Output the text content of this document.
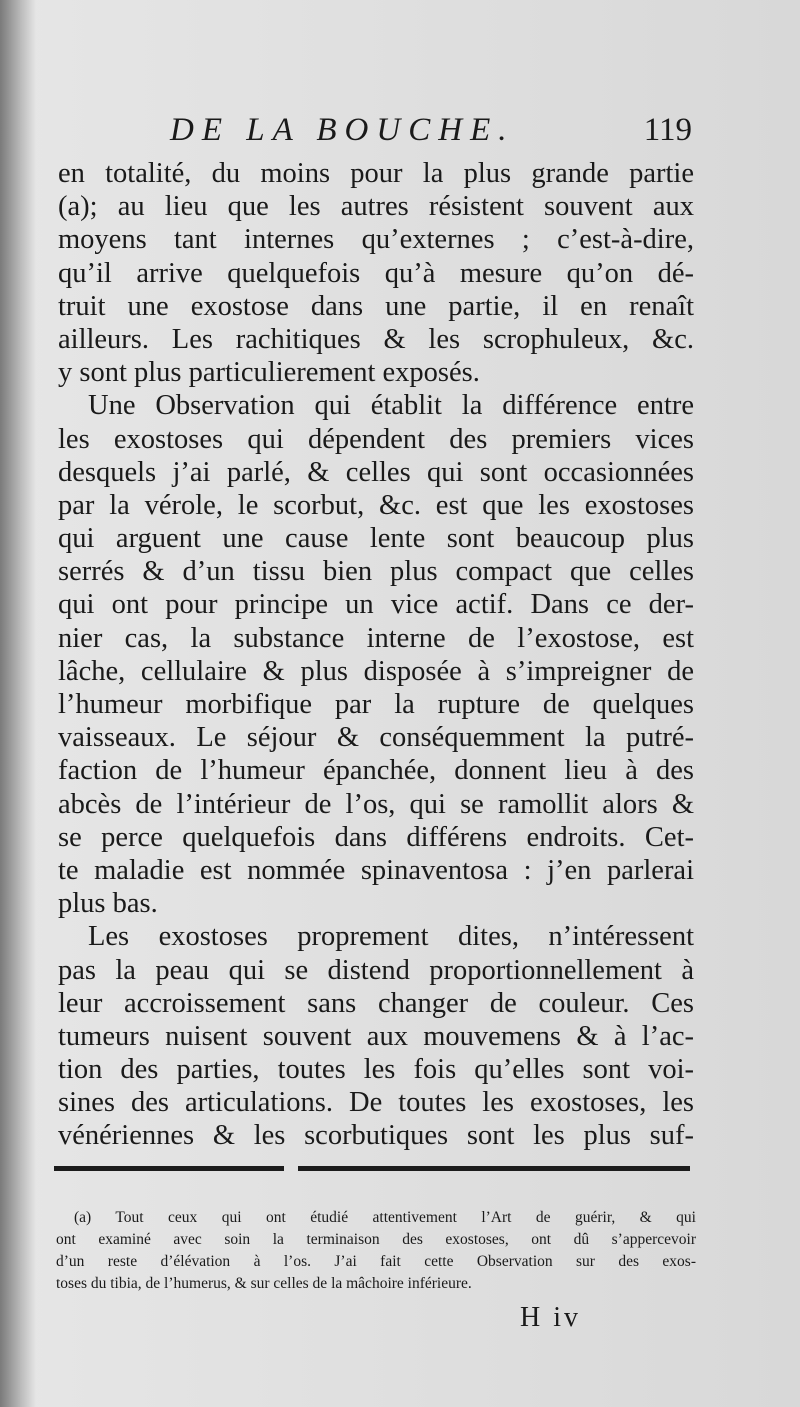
DE LA BOUCHE.	119
en totalité, du moins pour la plus grande partie
(a); au lieu que les autres résistent souvent aux
moyens tant internes qu’externes ; c’est-à-dire,
qu’il arrive quelquefois qu’à mesure qu’on dé-
truit une exostose dans une partie, il en renaît
ailleurs. Les rachitiques & les scrophuleux, &c.
y sont plus particulierement exposés.
Une Observation qui établit la différence entre
les exostoses qui dépendent des premiers vices
desquels j’ai parlé, & celles qui sont occasionnées
par la vérole, le scorbut, &c. est que les exostoses
qui arguent une cause lente sont beaucoup plus
serrés & d’un tissu bien plus compact que celles
qui ont pour principe un vice actif. Dans ce der-
nier cas, la substance interne de l’exostose, est
lâche, cellulaire & plus disposée à s’impreigner de
l’humeur morbifique par la rupture de quelques
vaisseaux. Le séjour & conséquemment la putré-
faction de l’humeur épanchée, donnent lieu à des
abcès de l’intérieur de l’os, qui se ramollit alors &
se perce quelquefois dans différens endroits. Cet-
te maladie est nommée spinaventosa : j’en parlerai
plus bas.
Les exostoses proprement dites, n’intéressent
pas la peau qui se distend proportionnellement à
leur accroissement sans changer de couleur. Ces
tumeurs nuisent souvent aux mouvemens & à l’ac-
tion des parties, toutes les fois qu’elles sont voi-
sines des articulations. De toutes les exostoses, les
vénériennes & les scorbutiques sont les plus suf-
(a) Tout ceux qui ont étudié attentivement l’Art de guérir, & qui
ont examiné avec soin la terminaison des exostoses, ont dû s’appercevoir
d’un reste d’élévation à l’os. J’ai fait cette Observation sur des exos-
toses du tibia, de l’humerus, & sur celles de la mâchoire inférieure.
H iv
